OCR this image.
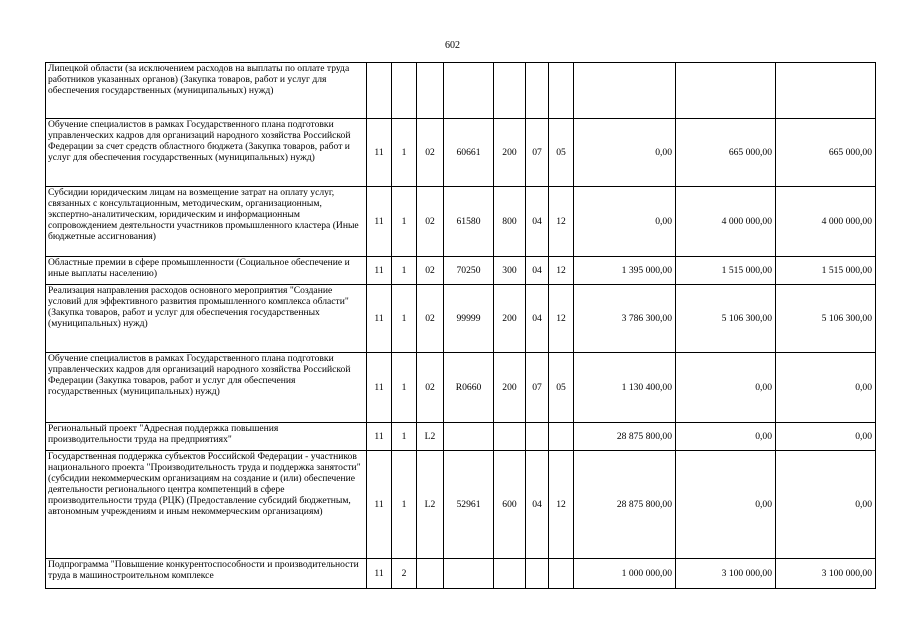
602
Липецкой области (за исключением расходов на выплаты по оплате труда работников указанных органов) (Закупка товаров, работ и услуг для обеспечения государственных (муниципальных) нужд)										
Обучение специалистов в рамках Государственного плана подготовки управленческих кадров для организаций народного хозяйства Российской Федерации за счет средств областного бюджета (Закупка товаров, работ и услуг для обеспечения государственных (муниципальных) нужд)	11	1	02	60661	200	07	05	0,00	665 000,00	665 000,00
Субсидии юридическим лицам на возмещение затрат на оплату услуг, связанных с консультационным, методическим, организационным, экспертно-аналитическим, юридическим и информационным сопровождением деятельности участников промышленного кластера (Иные бюджетные ассигнования)	11	1	02	61580	800	04	12	0,00	4 000 000,00	4 000 000,00
Областные премии в сфере промышленности (Социальное обеспечение и иные выплаты населению)	11	1	02	70250	300	04	12	1 395 000,00	1 515 000,00	1 515 000,00
Реализация направления расходов основного мероприятия "Создание условий для эффективного развития промышленного комплекса области" (Закупка товаров, работ и услуг для обеспечения государственных (муниципальных) нужд)	11	1	02	99999	200	04	12	3 786 300,00	5 106 300,00	5 106 300,00
Обучение специалистов в рамках Государственного плана подготовки управленческих кадров для организаций народного хозяйства Российской Федерации (Закупка товаров, работ и услуг для обеспечения государственных (муниципальных) нужд)	11	1	02	R0660	200	07	05	1 130 400,00	0,00	0,00
Региональный проект "Адресная поддержка повышения производительности труда на предприятиях"	11	1	L2					28 875 800,00	0,00	0,00
Государственная поддержка субъектов Российской Федерации - участников национального проекта "Производительность труда и поддержка занятости" (субсидии некоммерческим организациям на создание и (или) обеспечение деятельности регионального центра компетенций в сфере производительности труда (РЦК) (Предоставление субсидий бюджетным, автономным учреждениям и иным некоммерческим организациям)	11	1	L2	52961	600	04	12	28 875 800,00	0,00	0,00
Подпрограмма "Повышение конкурентоспособности и производительности труда в машиностроительном комплексе	11	2						1 000 000,00	3 100 000,00	3 100 000,00
